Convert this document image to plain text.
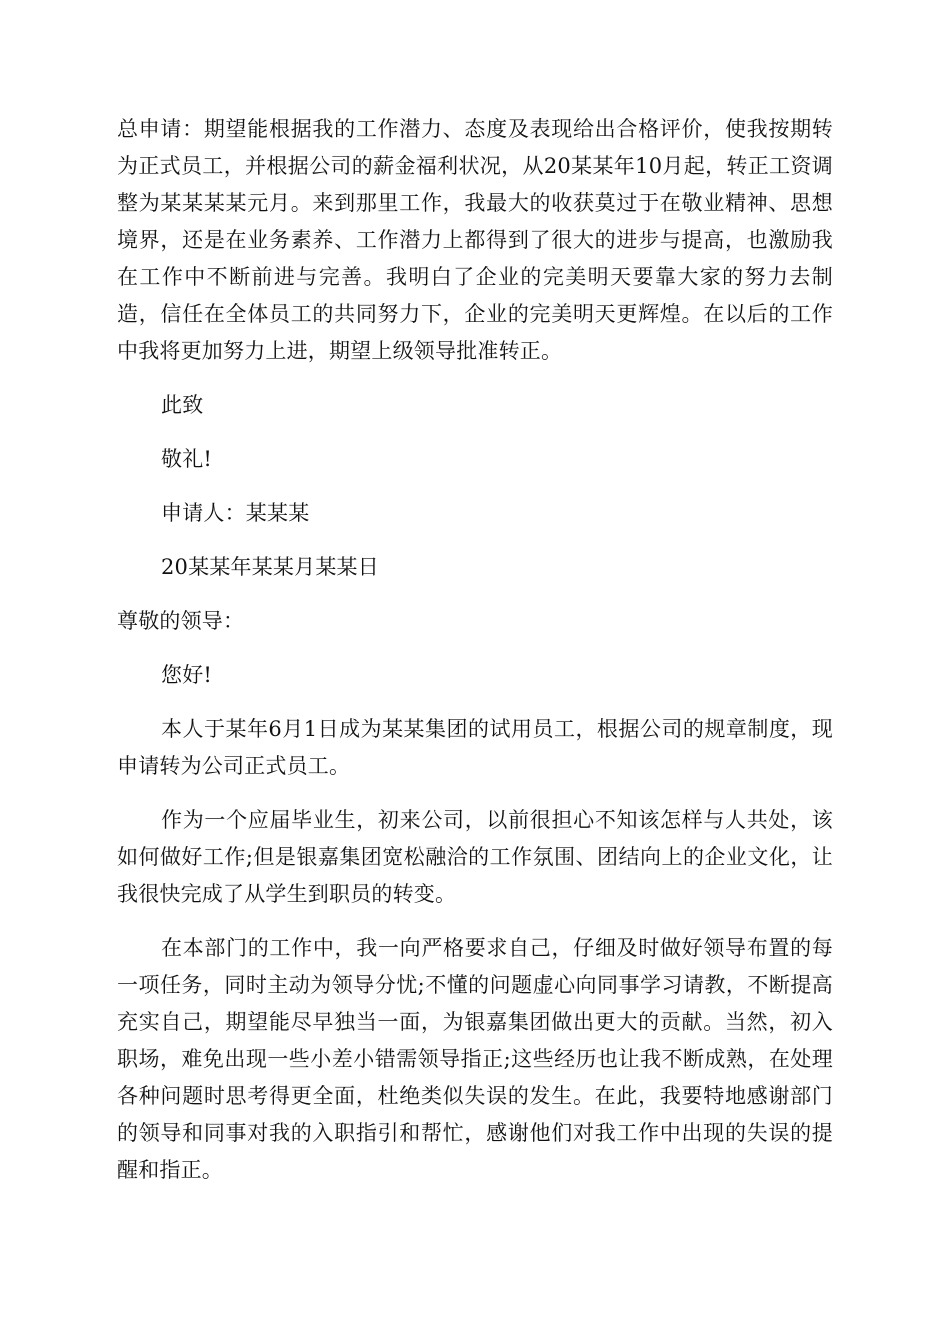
总申请：期望能根据我的工作潜力、态度及表现给出合格评价，使我按期转为正式员工，并根据公司的薪金福利状况，从20某某年10月起，转正工资调整为某某某某元月。来到那里工作，我最大的收获莫过于在敬业精神、思想境界，还是在业务素养、工作潜力上都得到了很大的进步与提高，也激励我在工作中不断前进与完善。我明白了企业的完美明天要靠大家的努力去制造，信任在全体员工的共同努力下，企业的完美明天更辉煌。在以后的工作中我将更加努力上进，期望上级领导批准转正。

此致

敬礼!

申请人：某某某

20某某年某某月某某日

尊敬的领导：

您好!

本人于某年6月1日成为某某集团的试用员工，根据公司的规章制度，现申请转为公司正式员工。

作为一个应届毕业生，初来公司，以前很担心不知该怎样与人共处，该如何做好工作;但是银嘉集团宽松融洽的工作氛围、团结向上的企业文化，让我很快完成了从学生到职员的转变。

在本部门的工作中，我一向严格要求自己，仔细及时做好领导布置的每一项任务，同时主动为领导分忧;不懂的问题虚心向同事学习请教，不断提高充实自己，期望能尽早独当一面，为银嘉集团做出更大的贡献。当然，初入职场，难免出现一些小差小错需领导指正;这些经历也让我不断成熟，在处理各种问题时思考得更全面，杜绝类似失误的发生。在此，我要特地感谢部门的领导和同事对我的入职指引和帮忙，感谢他们对我工作中出现的失误的提醒和指正。
